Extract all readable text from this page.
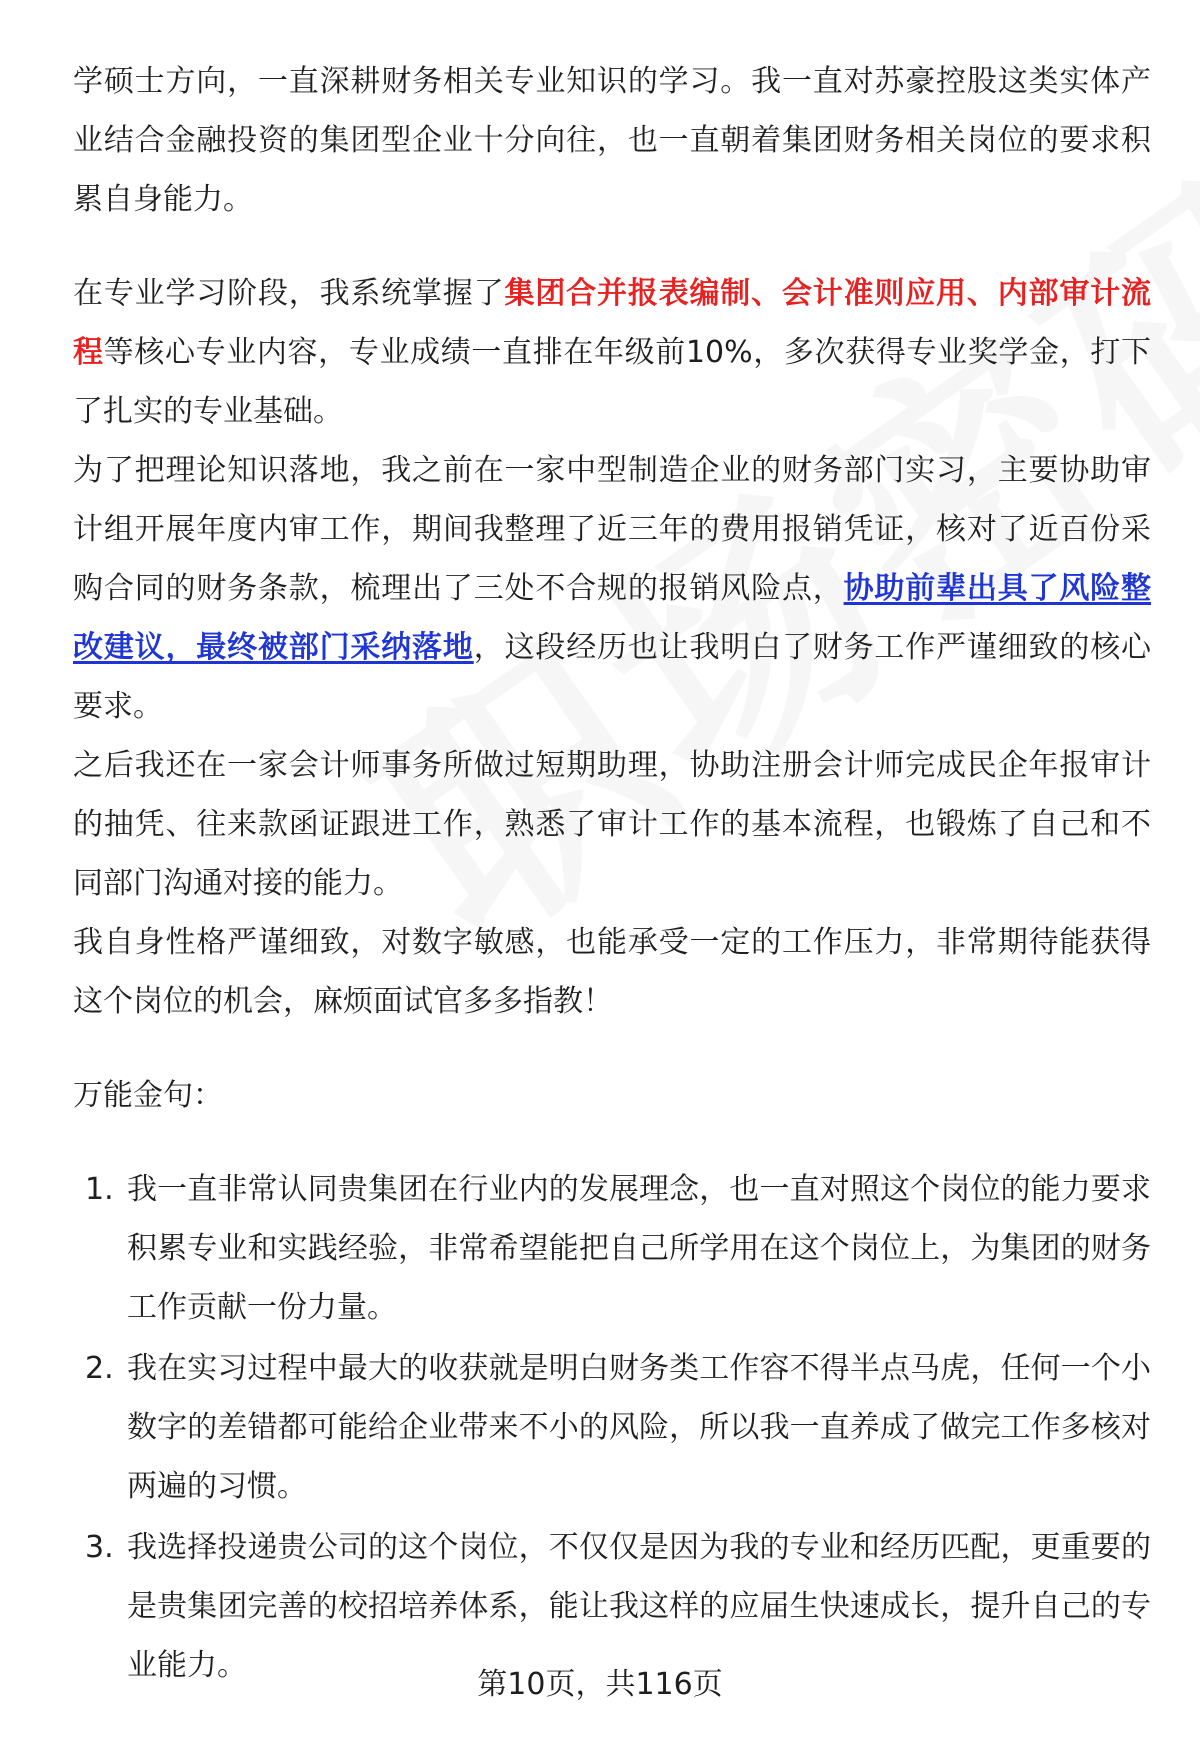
学硕士方向，一直深耕财务相关专业知识的学习。我一直对苏豪控股这类实体产业结合金融投资的集团型企业十分向往，也一直朝着集团财务相关岗位的要求积累自身能力。

在专业学习阶段，我系统掌握了集团合并报表编制、会计准则应用、内部审计流程等核心专业内容，专业成绩一直排在年级前10%，多次获得专业奖学金，打下了扎实的专业基础。

为了把理论知识落地，我之前在一家中型制造企业的财务部门实习，主要协助审计组开展年度内审工作，期间我整理了近三年的费用报销凭证，核对了近百份采购合同的财务条款，梳理出了三处不合规的报销风险点，协助前辈出具了风险整改建议，最终被部门采纳落地，这段经历也让我明白了财务工作严谨细致的核心要求。

之后我还在一家会计师事务所做过短期助理，协助注册会计师完成民企年报审计的抽凭、往来款函证跟进工作，熟悉了审计工作的基本流程，也锻炼了自己和不同部门沟通对接的能力。

我自身性格严谨细致，对数字敏感，也能承受一定的工作压力，非常期待能获得这个岗位的机会，麻烦面试官多多指教！

万能金句：

1. 我一直非常认同贵集团在行业内的发展理念，也一直对照这个岗位的能力要求积累专业和实践经验，非常希望能把自己所学用在这个岗位上，为集团的财务工作贡献一份力量。
2. 我在实习过程中最大的收获就是明白财务类工作容不得半点马虎，任何一个小数字的差错都可能给企业带来不小的风险，所以我一直养成了做完工作多核对两遍的习惯。
3. 我选择投递贵公司的这个岗位，不仅仅是因为我的专业和经历匹配，更重要的是贵集团完善的校招培养体系，能让我这样的应届生快速成长，提升自己的专业能力。
第10页，共116页
